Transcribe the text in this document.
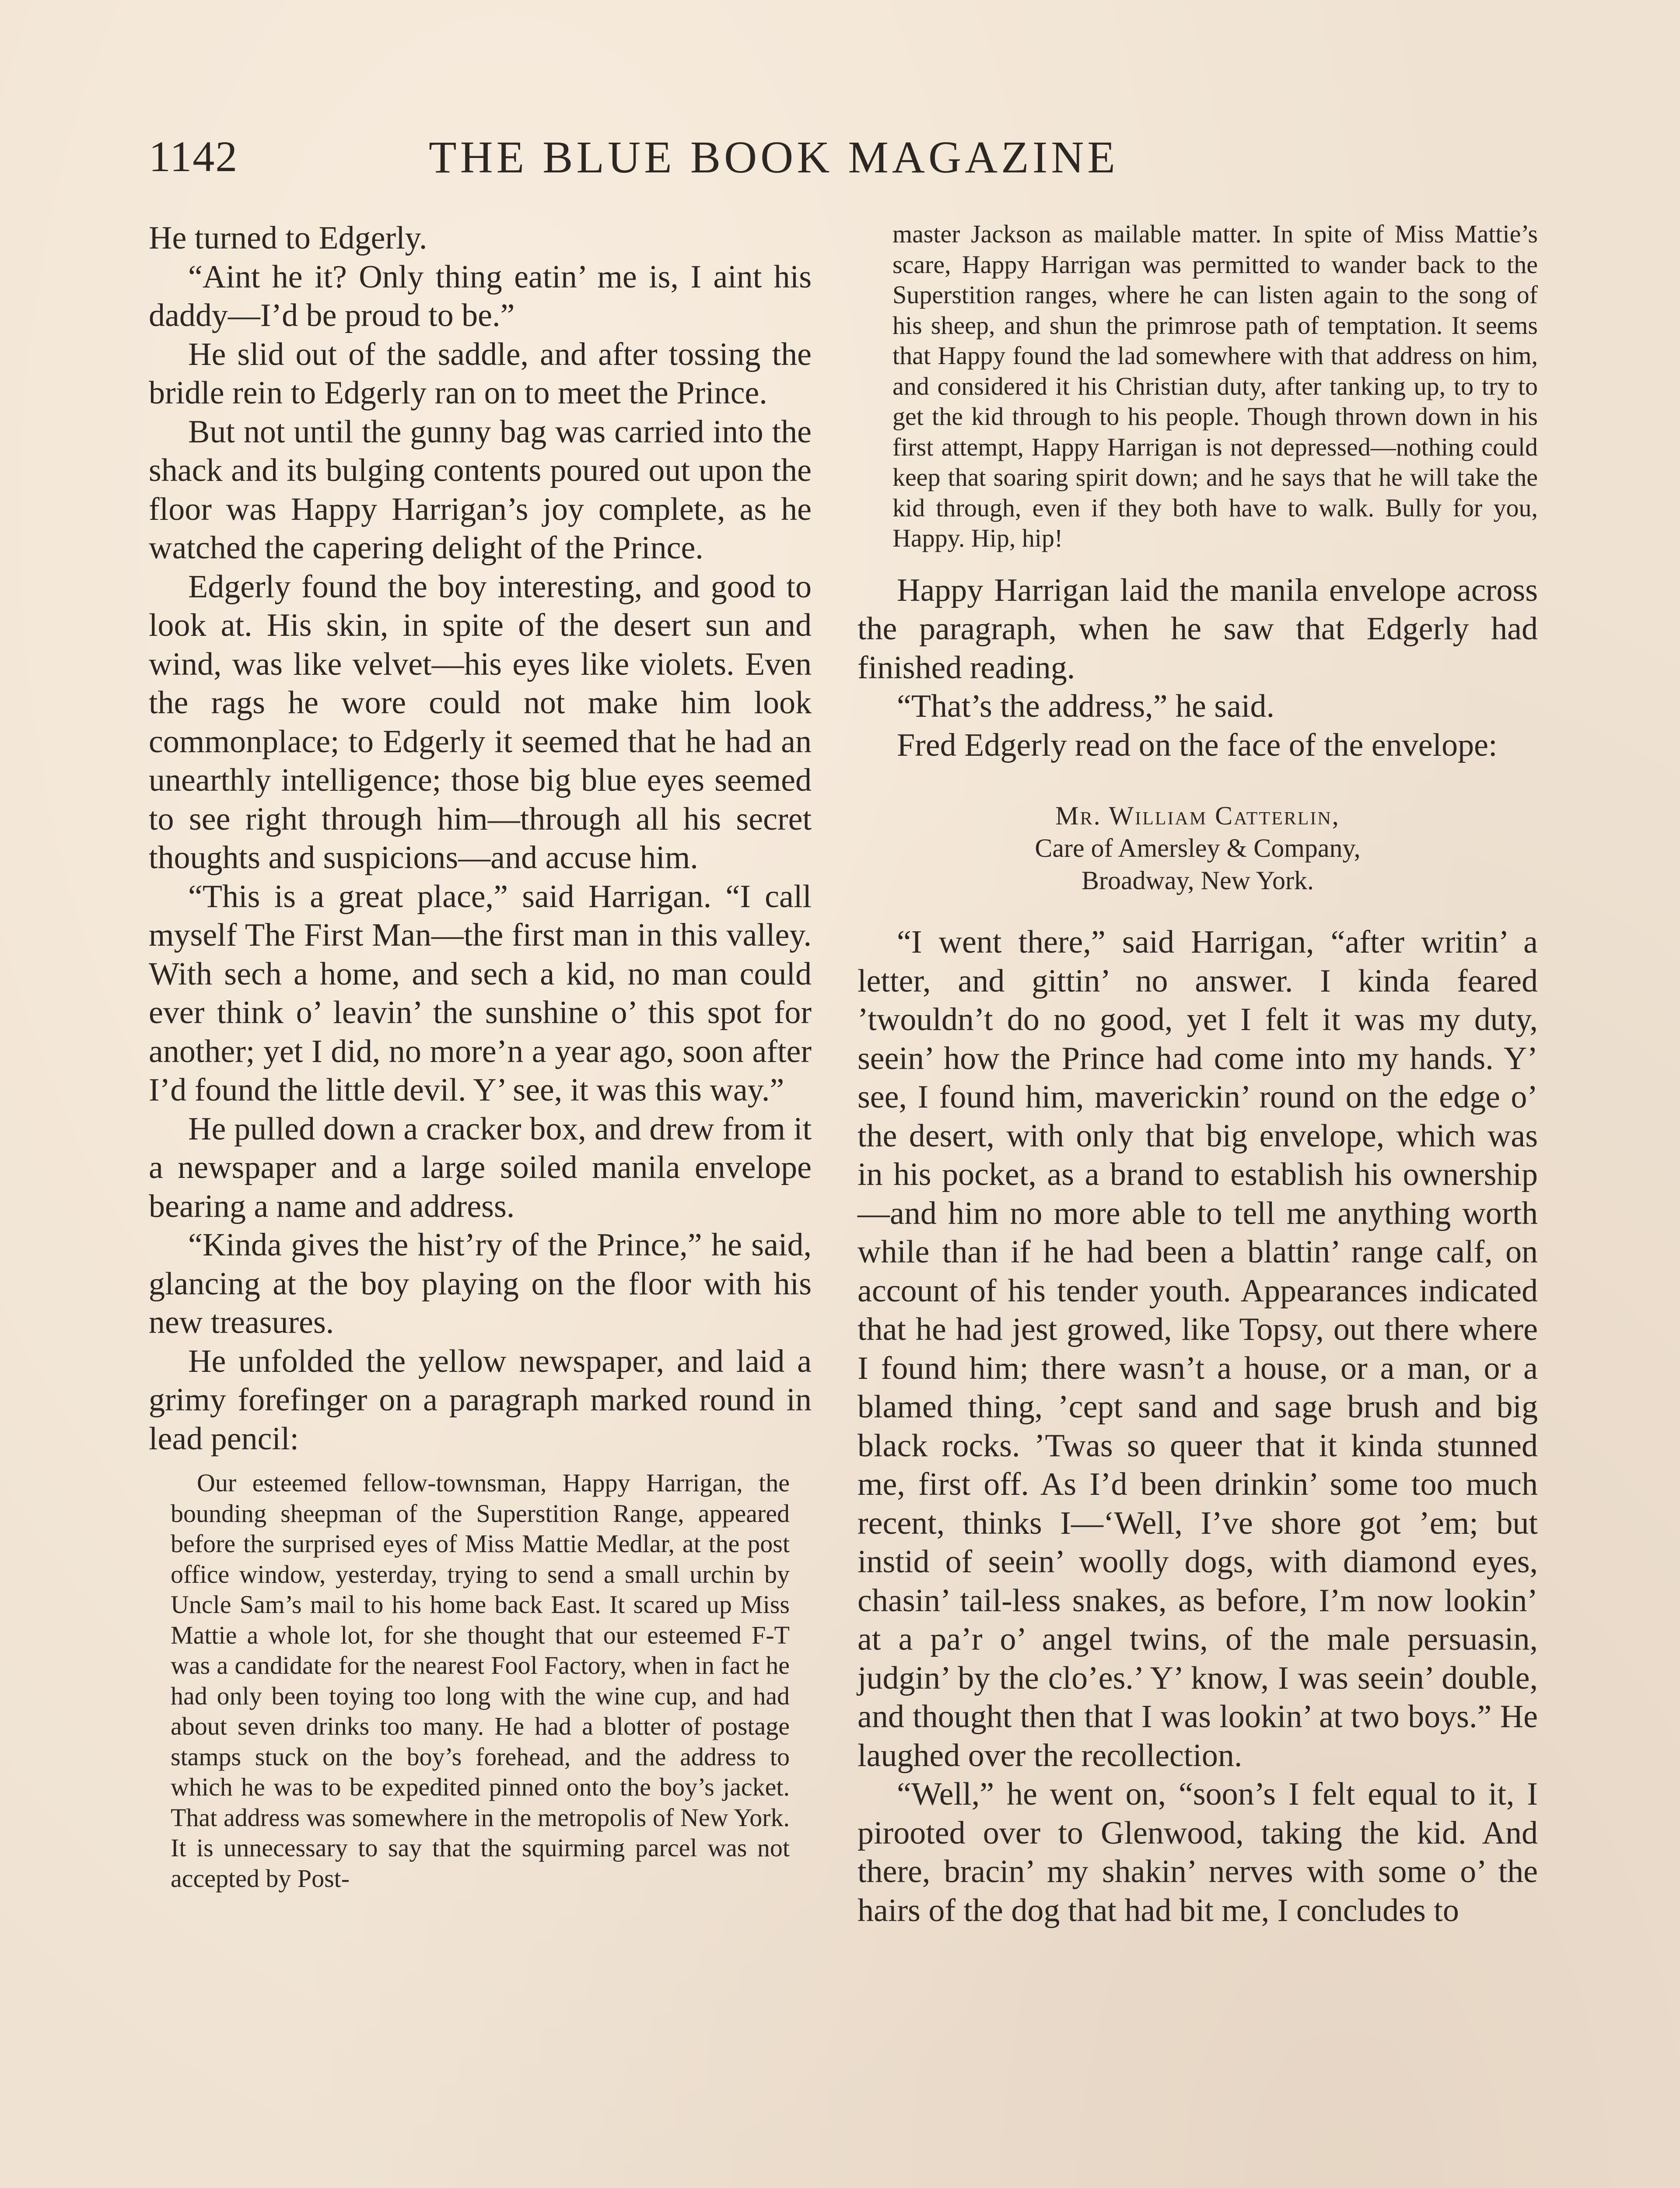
1142	THE BLUE BOOK MAGAZINE

He turned to Edgerly.

“Aint he it? Only thing eatin’ me is, I aint his daddy—I’d be proud to be.”

He slid out of the saddle, and after tossing the bridle rein to Edgerly ran on to meet the Prince.

But not until the gunny bag was carried into the shack and its bulging contents poured out upon the floor was Happy Harrigan’s joy complete, as he watched the capering delight of the Prince.

Edgerly found the boy interesting, and good to look at. His skin, in spite of the desert sun and wind, was like velvet—his eyes like violets. Even the rags he wore could not make him look commonplace; to Edgerly it seemed that he had an unearthly intelligence; those big blue eyes seemed to see right through him—through all his secret thoughts and suspicions—and accuse him.

“This is a great place,” said Harrigan. “I call myself The First Man—the first man in this valley. With sech a home, and sech a kid, no man could ever think o’ leavin’ the sunshine o’ this spot for another; yet I did, no more’n a year ago, soon after I’d found the little devil. Y’ see, it was this way.”

He pulled down a cracker box, and drew from it a newspaper and a large soiled manila envelope bearing a name and address.

“Kinda gives the hist’ry of the Prince,” he said, glancing at the boy playing on the floor with his new treasures.

He unfolded the yellow newspaper, and laid a grimy forefinger on a paragraph marked round in lead pencil:

Our esteemed fellow-townsman, Happy Harrigan, the bounding sheepman of the Superstition Range, appeared before the surprised eyes of Miss Mattie Medlar, at the post office window, yesterday, trying to send a small urchin by Uncle Sam’s mail to his home back East. It scared up Miss Mattie a whole lot, for she thought that our esteemed F-T was a candidate for the nearest Fool Factory, when in fact he had only been toying too long with the wine cup, and had about seven drinks too many. He had a blotter of postage stamps stuck on the boy’s forehead, and the address to which he was to be expedited pinned onto the boy’s jacket. That address was somewhere in the metropolis of New York. It is unnecessary to say that the squirming parcel was not accepted by Post-

master Jackson as mailable matter. In spite of Miss Mattie’s scare, Happy Harrigan was permitted to wander back to the Superstition ranges, where he can listen again to the song of his sheep, and shun the primrose path of temptation. It seems that Happy found the lad somewhere with that address on him, and considered it his Christian duty, after tanking up, to try to get the kid through to his people. Though thrown down in his first attempt, Happy Harrigan is not depressed—nothing could keep that soaring spirit down; and he says that he will take the kid through, even if they both have to walk. Bully for you, Happy. Hip, hip!

Happy Harrigan laid the manila envelope across the paragraph, when he saw that Edgerly had finished reading.

“That’s the address,” he said.

Fred Edgerly read on the face of the envelope:

Mr. William Catterlin,
Care of Amersley & Company,
Broadway, New York.

“I went there,” said Harrigan, “after writin’ a letter, and gittin’ no answer. I kinda feared ’twouldn’t do no good, yet I felt it was my duty, seein’ how the Prince had come into my hands. Y’ see, I found him, maverickin’ round on the edge o’ the desert, with only that big envelope, which was in his pocket, as a brand to establish his ownership—and him no more able to tell me anything worth while than if he had been a blattin’ range calf, on account of his tender youth. Appearances indicated that he had jest growed, like Topsy, out there where I found him; there wasn’t a house, or a man, or a blamed thing, ’cept sand and sage brush and big black rocks. ’Twas so queer that it kinda stunned me, first off. As I’d been drinkin’ some too much recent, thinks I—‘Well, I’ve shore got ’em; but instid of seein’ woolly dogs, with diamond eyes, chasin’ tail-less snakes, as before, I’m now lookin’ at a pa’r o’ angel twins, of the male persuasin, judgin’ by the clo’es.’ Y’ know, I was seein’ double, and thought then that I was lookin’ at two boys.” He laughed over the recollection.

“Well,” he went on, “soon’s I felt equal to it, I pirooted over to Glenwood, taking the kid. And there, bracin’ my shakin’ nerves with some o’ the hairs of the dog that had bit me, I concludes to
